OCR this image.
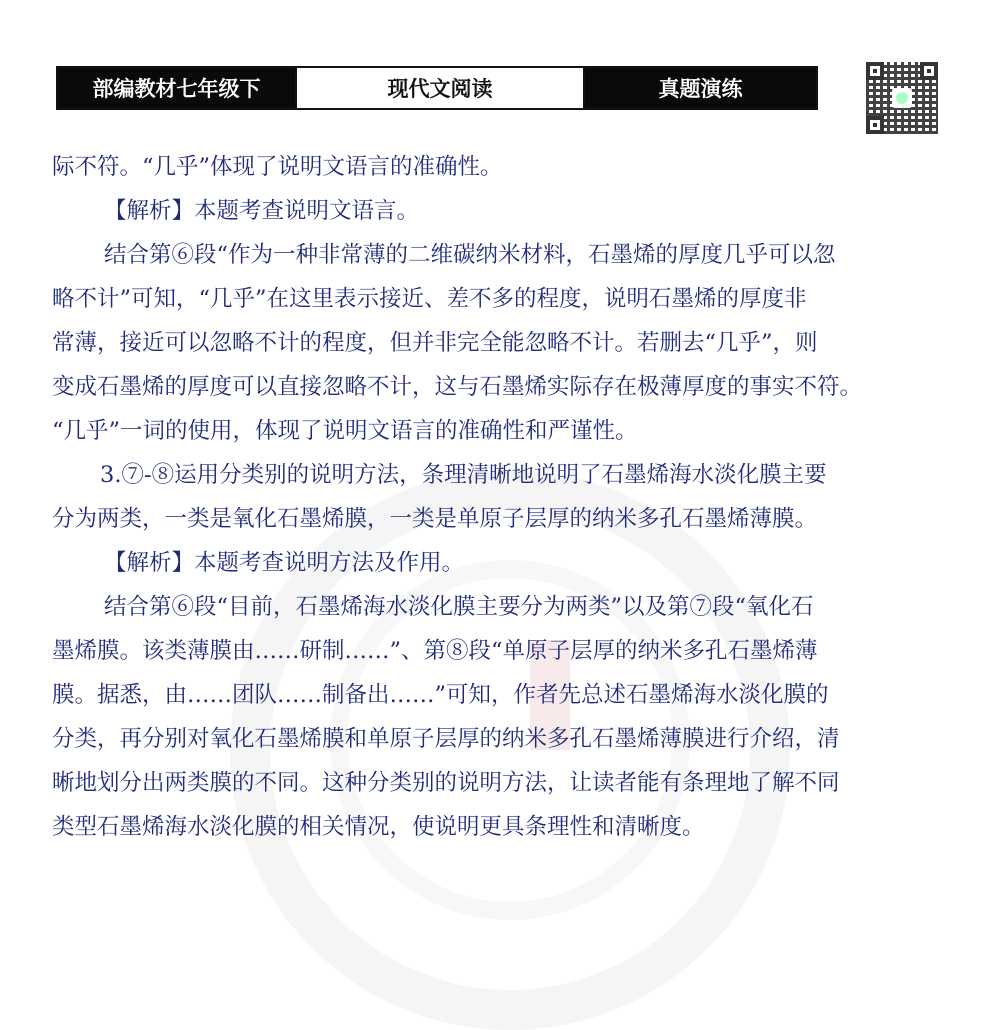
部编教材七年级下	现代文阅读	真题演练
际不符。“几乎”体现了说明文语言的准确性。
【解析】本题考查说明文语言。
结合第⑥段“作为一种非常薄的二维碳纳米材料，石墨烯的厚度几乎可以忽
略不计”可知，“几乎”在这里表示接近、差不多的程度，说明石墨烯的厚度非
常薄，接近可以忽略不计的程度，但并非完全能忽略不计。若删去“几乎”，则
变成石墨烯的厚度可以直接忽略不计，这与石墨烯实际存在极薄厚度的事实不符。
“几乎”一词的使用，体现了说明文语言的准确性和严谨性。
3.⑦-⑧运用分类别的说明方法，条理清晰地说明了石墨烯海水淡化膜主要
分为两类，一类是氧化石墨烯膜，一类是单原子层厚的纳米多孔石墨烯薄膜。
【解析】本题考查说明方法及作用。
结合第⑥段“目前，石墨烯海水淡化膜主要分为两类”以及第⑦段“氧化石
墨烯膜。该类薄膜由……研制……”、第⑧段“单原子层厚的纳米多孔石墨烯薄
膜。据悉，由……团队……制备出……”可知，作者先总述石墨烯海水淡化膜的
分类，再分别对氧化石墨烯膜和单原子层厚的纳米多孔石墨烯薄膜进行介绍，清
晰地划分出两类膜的不同。这种分类别的说明方法，让读者能有条理地了解不同
类型石墨烯海水淡化膜的相关情况，使说明更具条理性和清晰度。
